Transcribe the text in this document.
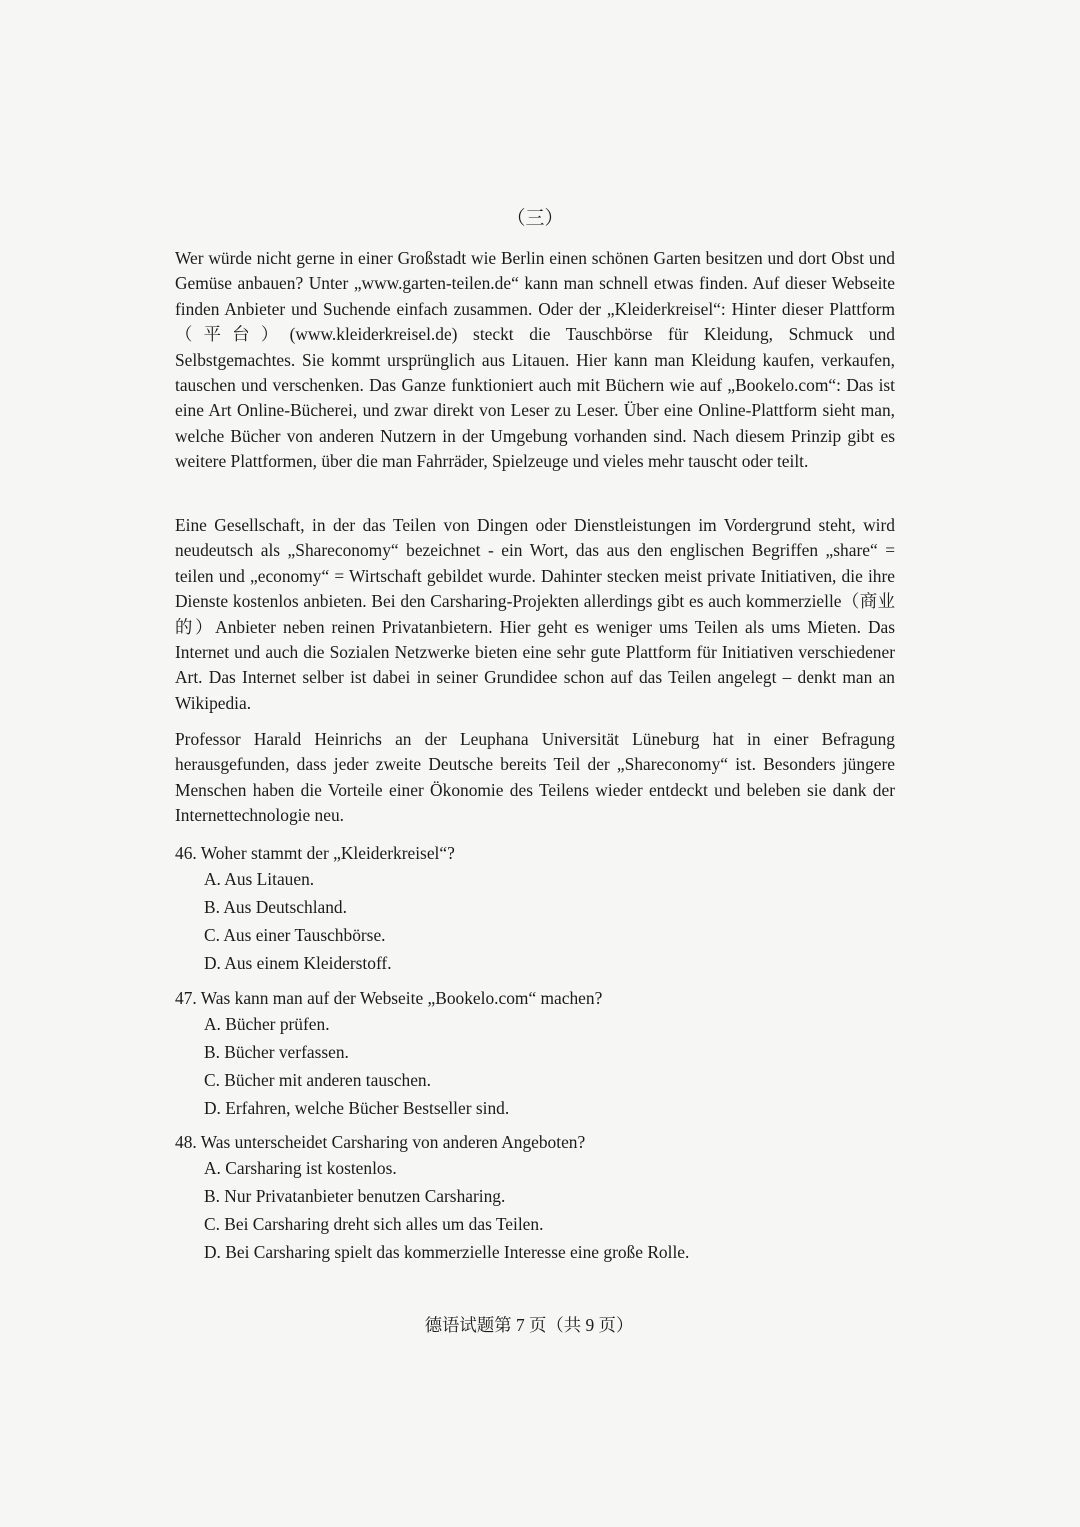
（三）

Wer würde nicht gerne in einer Großstadt wie Berlin einen schönen Garten besitzen und dort Obst und Gemüse anbauen? Unter „www.garten-teilen.de“ kann man schnell etwas finden. Auf dieser Webseite finden Anbieter und Suchende einfach zusammen. Oder der „Kleiderkreisel“: Hinter dieser Plattform（平台）(www.kleiderkreisel.de) steckt die Tauschbörse für Kleidung, Schmuck und Selbstgemachtes. Sie kommt ursprünglich aus Litauen. Hier kann man Kleidung kaufen, verkaufen, tauschen und verschenken. Das Ganze funktioniert auch mit Büchern wie auf „Bookelo.com“: Das ist eine Art Online-Bücherei, und zwar direkt von Leser zu Leser. Über eine Online-Plattform sieht man, welche Bücher von anderen Nutzern in der Umgebung vorhanden sind. Nach diesem Prinzip gibt es weitere Plattformen, über die man Fahrräder, Spielzeuge und vieles mehr tauscht oder teilt.

Eine Gesellschaft, in der das Teilen von Dingen oder Dienstleistungen im Vordergrund steht, wird neudeutsch als „Shareconomy“ bezeichnet - ein Wort, das aus den englischen Begriffen „share“ = teilen und „economy“ = Wirtschaft gebildet wurde. Dahinter stecken meist private Initiativen, die ihre Dienste kostenlos anbieten. Bei den Carsharing-Projekten allerdings gibt es auch kommerzielle（商业的）Anbieter neben reinen Privatanbietern. Hier geht es weniger ums Teilen als ums Mieten. Das Internet und auch die Sozialen Netzwerke bieten eine sehr gute Plattform für Initiativen verschiedener Art. Das Internet selber ist dabei in seiner Grundidee schon auf das Teilen angelegt – denkt man an Wikipedia.

Professor Harald Heinrichs an der Leuphana Universität Lüneburg hat in einer Befragung herausgefunden, dass jeder zweite Deutsche bereits Teil der „Shareconomy“ ist. Besonders jüngere Menschen haben die Vorteile einer Ökonomie des Teilens wieder entdeckt und beleben sie dank der Internettechnologie neu.

46. Woher stammt der „Kleiderkreisel“?
A. Aus Litauen.
B. Aus Deutschland.
C. Aus einer Tauschbörse.
D. Aus einem Kleiderstoff.
47. Was kann man auf der Webseite „Bookelo.com“ machen?
A. Bücher prüfen.
B. Bücher verfassen.
C. Bücher mit anderen tauschen.
D. Erfahren, welche Bücher Bestseller sind.
48. Was unterscheidet Carsharing von anderen Angeboten?
A. Carsharing ist kostenlos.
B. Nur Privatanbieter benutzen Carsharing.
C. Bei Carsharing dreht sich alles um das Teilen.
D. Bei Carsharing spielt das kommerzielle Interesse eine große Rolle.
德语试题第 7 页（共 9 页）
